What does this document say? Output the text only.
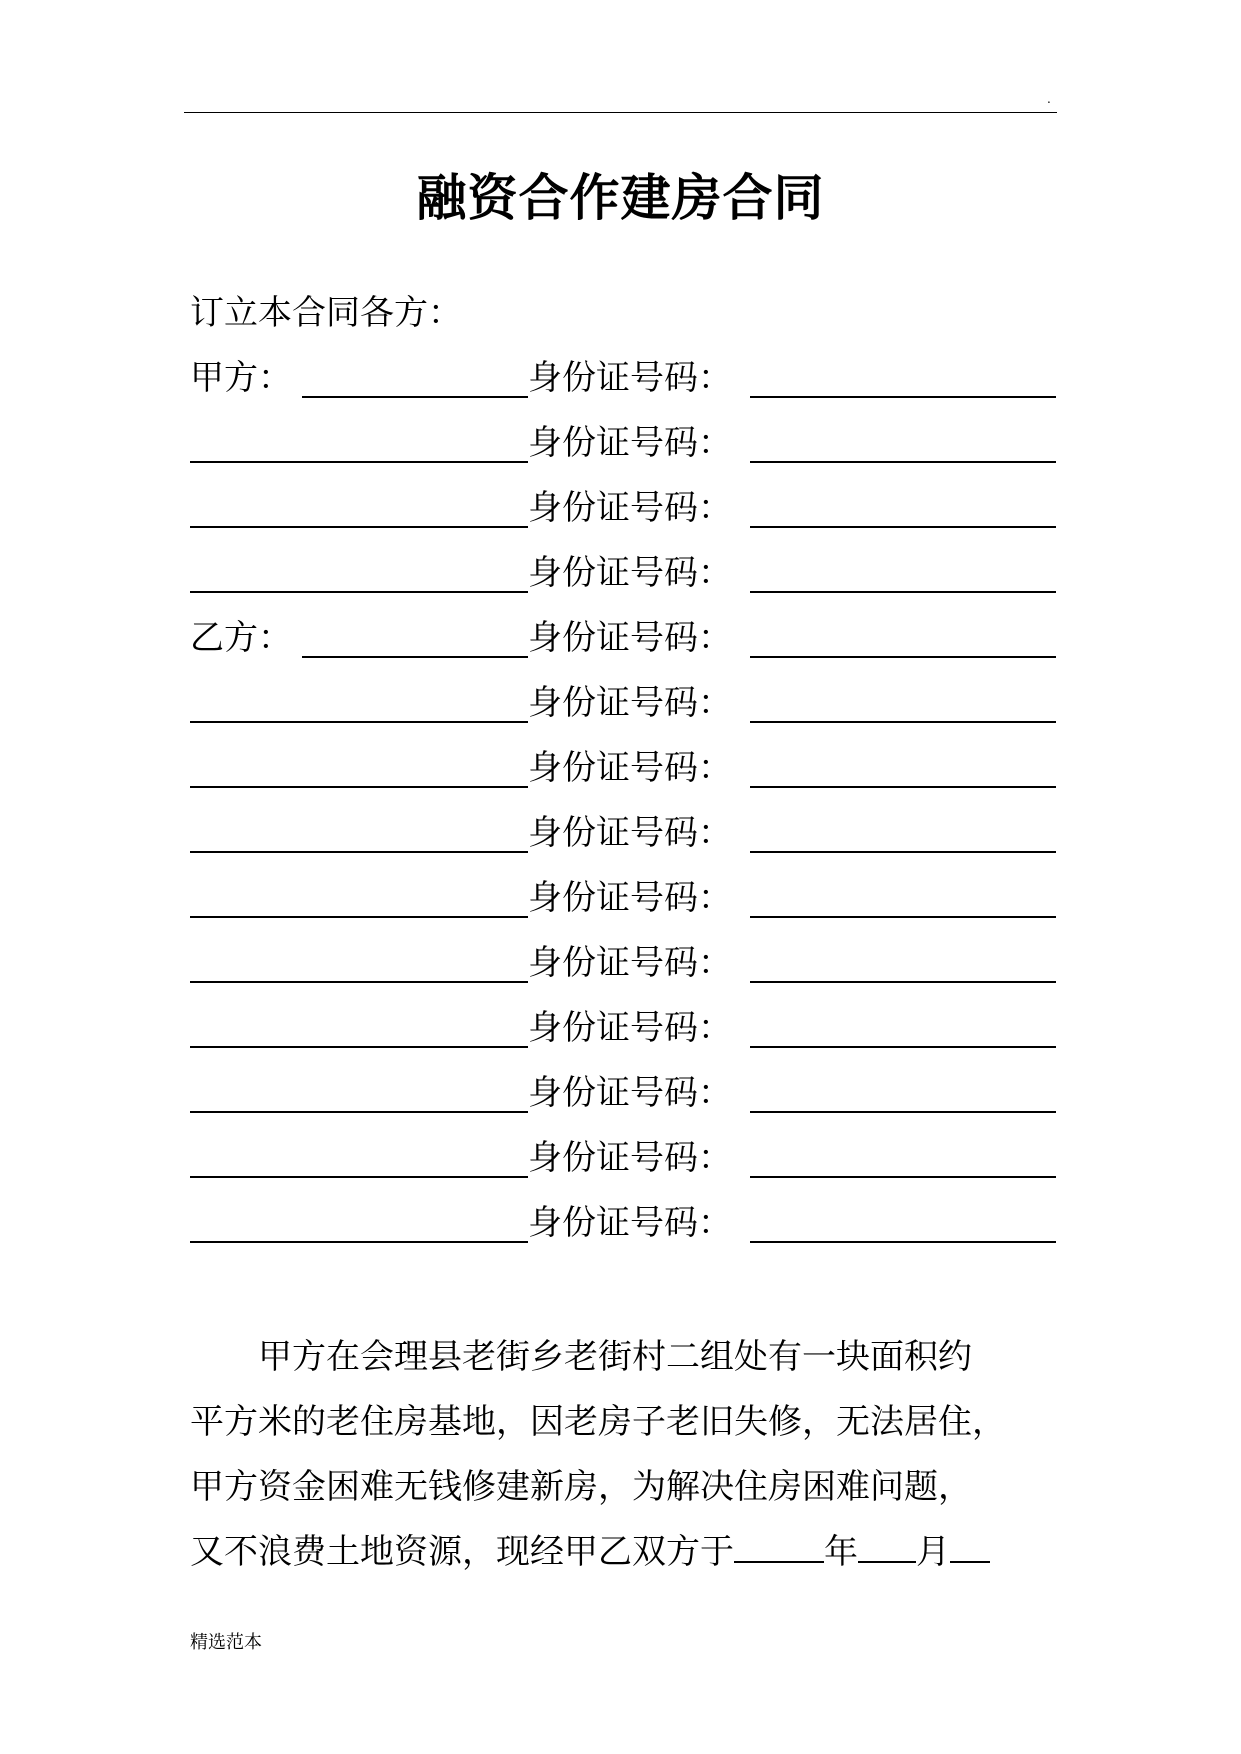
.
融资合作建房合同
订立本合同各方：
甲方：	身份证号码：
身份证号码：
身份证号码：
身份证号码：
乙方：	身份证号码：
身份证号码：
身份证号码：
身份证号码：
身份证号码：
身份证号码：
身份证号码：
身份证号码：
身份证号码：
身份证号码：
甲方在会理县老街乡老街村二组处有一块面积约
平方米的老住房基地，因老房子老旧失修，无法居住，
甲方资金困难无钱修建新房，为解决住房困难问题，
又不浪费土地资源，现经甲乙双方于	年 月
精选范本
